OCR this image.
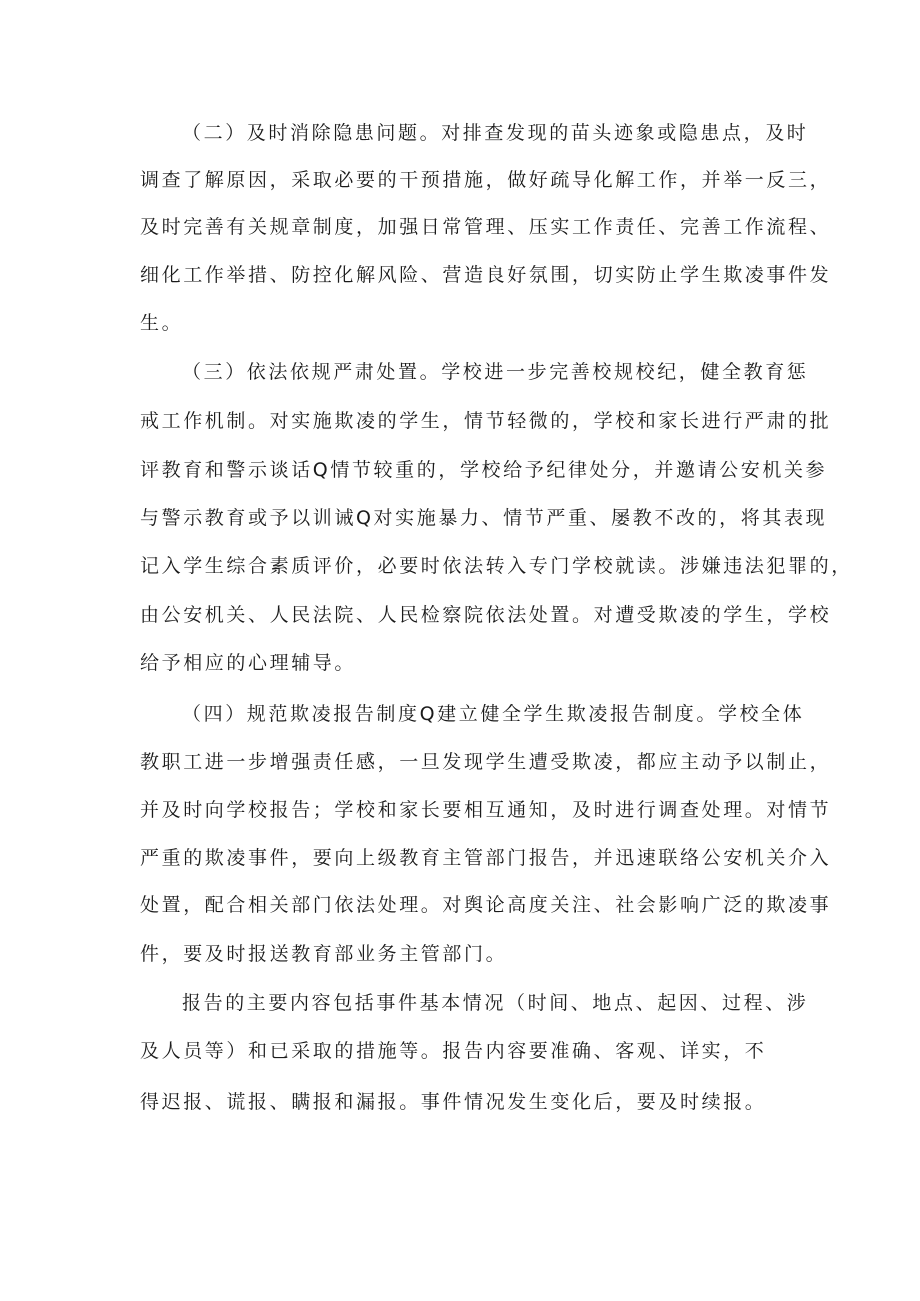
（二）及时消除隐患问题。对排查发现的苗头迹象或隐患点，及时
调查了解原因，采取必要的干预措施，做好疏导化解工作，并举一反三，
及时完善有关规章制度，加强日常管理、压实工作责任、完善工作流程、
细化工作举措、防控化解风险、营造良好氛围，切实防止学生欺凌事件发
生。
（三）依法依规严肃处置。学校进一步完善校规校纪，健全教育惩
戒工作机制。对实施欺凌的学生，情节轻微的，学校和家长进行严肃的批
评教育和警示谈话Q情节较重的，学校给予纪律处分，并邀请公安机关参
与警示教育或予以训诫Q对实施暴力、情节严重、屡教不改的，将其表现
记入学生综合素质评价，必要时依法转入专门学校就读。涉嫌违法犯罪的，
由公安机关、人民法院、人民检察院依法处置。对遭受欺凌的学生，学校
给予相应的心理辅导。
（四）规范欺凌报告制度Q建立健全学生欺凌报告制度。学校全体
教职工进一步增强责任感，一旦发现学生遭受欺凌，都应主动予以制止，
并及时向学校报告；学校和家长要相互通知，及时进行调查处理。对情节
严重的欺凌事件，要向上级教育主管部门报告，并迅速联络公安机关介入
处置，配合相关部门依法处理。对舆论高度关注、社会影响广泛的欺凌事
件，要及时报送教育部业务主管部门。
报告的主要内容包括事件基本情况（时间、地点、起因、过程、涉
及人员等）和已采取的措施等。报告内容要准确、客观、详实，不
得迟报、谎报、瞒报和漏报。事件情况发生变化后，要及时续报。
